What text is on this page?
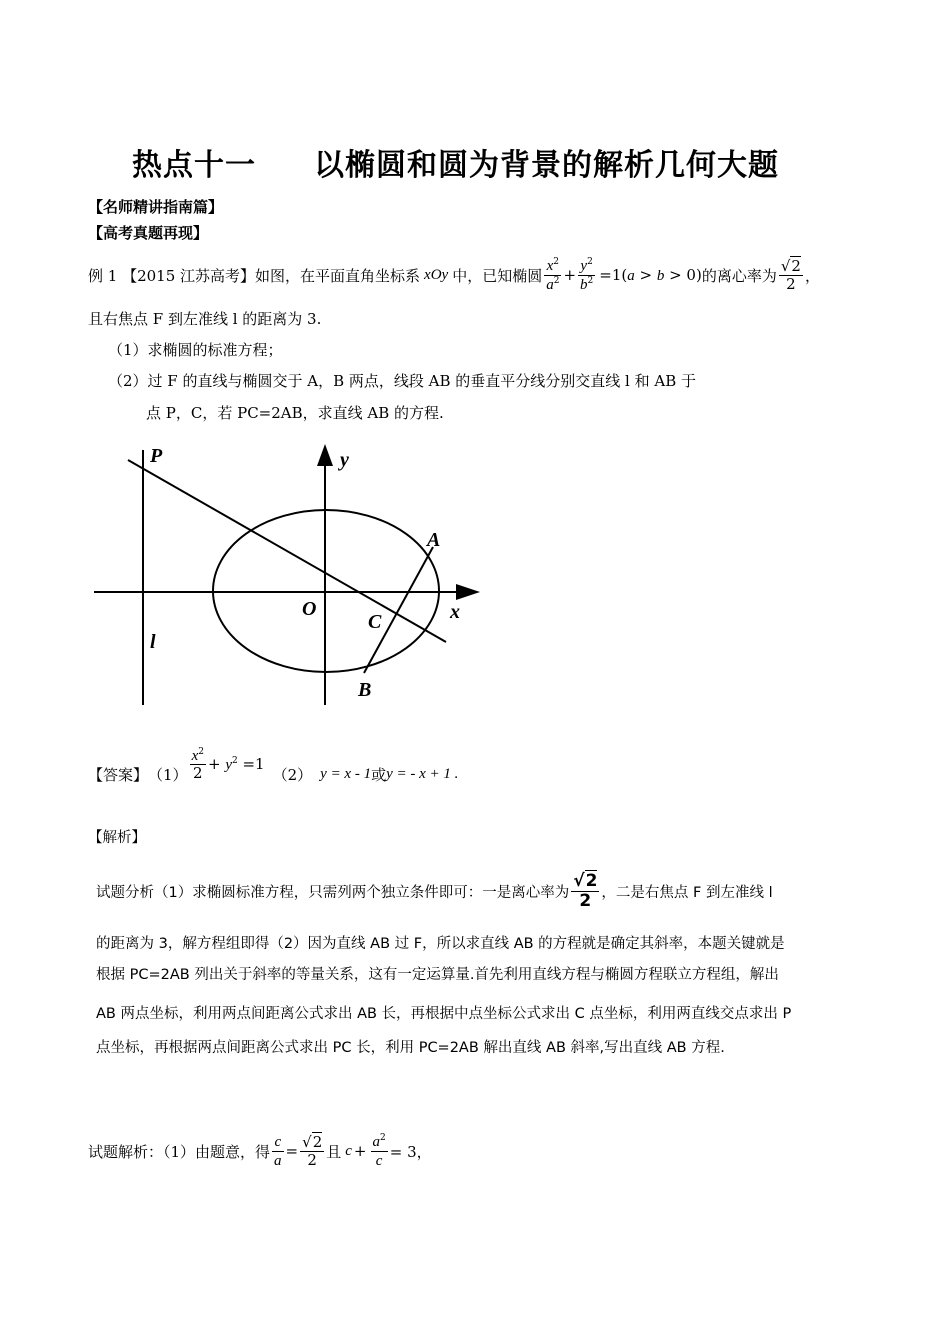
热点十一 以椭圆和圆为背景的解析几何大题
【名师精讲指南篇】
【高考真题再现】
例 1 【2015 江苏高考】如图，在平面直角坐标系 xOy 中，已知椭圆 $\frac{x^2}{a^2} + \frac{y^2}{b^2} =1(a > b > 0)$ 的离心率为 $\frac{√2}{2}$ ，
且右焦点 F 到左准线 l 的距离为 3.
（1）求椭圆的标准方程；
（2）过 F 的直线与椭圆交于 A，B 两点，线段 AB 的垂直平分线分别交直线 l 和 AB 于
点 P，C，若 PC=2AB，求直线 AB 的方程.
P	y
A
O
C	x
l
B
【答案】 $(1) \frac{x^2}{2} + y^2 =1$
（2） y = x - 1 或 y = - x + 1 .
【解析】
试题分析（1）求椭圆标准方程，只需列两个独立条件即可：一是离心率为 $\frac{√2}{2}$ ，二是右焦点 F 到左准线 l
的距离为 3，解方程组即得（2）因为直线 AB 过 F，所以求直线 AB 的方程就是确定其斜率，本题关键就是
根据 PC=2AB 列出关于斜率的等量关系，这有一定运算量.首先利用直线方程与椭圆方程联立方程组，解出
AB 两点坐标，利用两点间距离公式求出 AB 长，再根据中点坐标公式求出 C 点坐标，利用两直线交点求出 P
点坐标，再根据两点间距离公式求出 PC 长，利用 PC=2AB 解出直线 AB 斜率,写出直线 AB 方程.
试题解析：（1）由题意，得 $\frac{c}{a} = \frac{√2}{2}$ 且 $c + \frac{a^2}{c} = 3$，
